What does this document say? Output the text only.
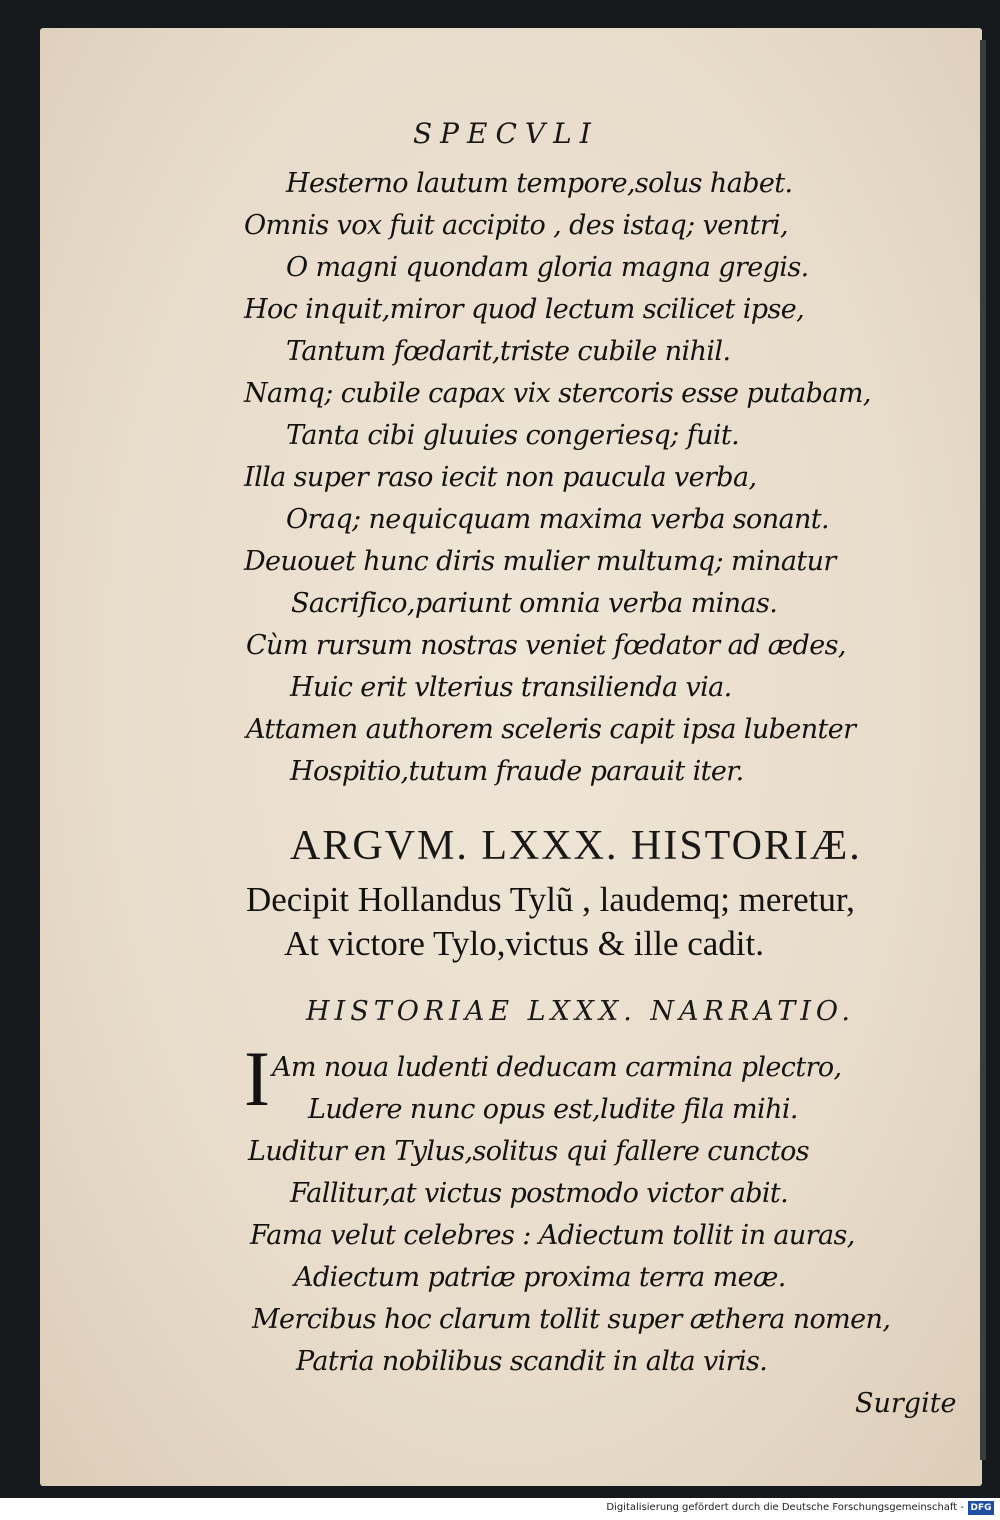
SPECVLI
Hesterno lautum tempore,solus habet.
Omnis vox fuit accipito , des istaq; ventri,
O magni quondam gloria magna gregis.
Hoc inquit,miror quod lectum scilicet ipse,
Tantum fœdarit,triste cubile nihil.
Namq; cubile capax vix stercoris esse putabam,
Tanta cibi gluuies congeriesq; fuit.
Illa super raso iecit non paucula verba,
Oraq; nequicquam maxima verba sonant.
Deuouet hunc diris mulier multumq; minatur
Sacrifico,pariunt omnia verba minas.
Cùm rursum nostras veniet fœdator ad ædes,
Huic erit vlterius transilienda via.
Attamen authorem sceleris capit ipsa lubenter
Hospitio,tutum fraude parauit iter.
ARGVM. LXXX. HISTORIÆ.
Decipit Hollandus Tylũ , laudemq; meretur,
At victore Tylo,victus & ille cadit.
HISTORIAE LXXX. NARRATIO.
I Am noua ludenti deducam carmina plectro,
Ludere nunc opus est,ludite fila mihi.
Luditur en Tylus,solitus qui fallere cunctos
Fallitur,at victus postmodo victor abit.
Fama velut celebres : Adiectum tollit in auras,
Adiectum patriæ proxima terra meæ.
Mercibus hoc clarum tollit super æthera nomen,
Patria nobilibus scandit in alta viris.
Surgite
Digitalisierung gefördert durch die Deutsche Forschungsgemeinschaft - DFG
